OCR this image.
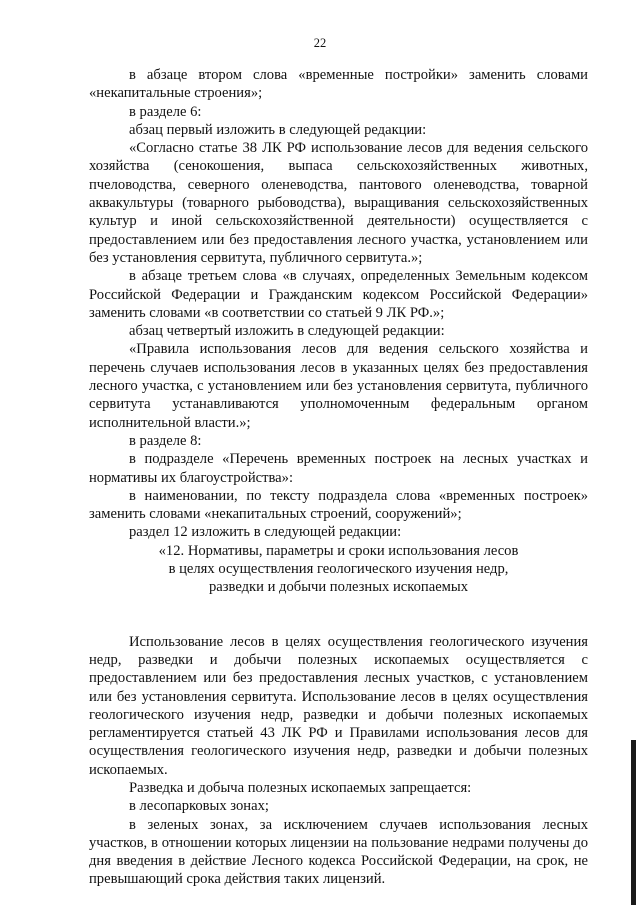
22

в абзаце втором слова «временные постройки» заменить словами «некапитальные строения»;

в разделе 6:

абзац первый изложить в следующей редакции:

«Согласно статье 38 ЛК РФ использование лесов для ведения сельского хозяйства (сенокошения, выпаса сельскохозяйственных животных, пчеловодства, северного оленеводства, пантового оленеводства, товарной аквакультуры (товарного рыбоводства), выращивания сельскохозяйственных культур и иной сельскохозяйственной деятельности) осуществляется с предоставлением или без предоставления лесного участка, установлением или без установления сервитута, публичного сервитута.»;

в абзаце третьем слова «в случаях, определенных Земельным кодексом Российской Федерации и Гражданским кодексом Российской Федерации» заменить словами «в соответствии со статьей 9 ЛК РФ.»;

абзац четвертый изложить в следующей редакции:

«Правила использования лесов для ведения сельского хозяйства и перечень случаев использования лесов в указанных целях без предоставления лесного участка, с установлением или без установления сервитута, публичного сервитута устанавливаются уполномоченным федеральным органом исполнительной власти.»;

в разделе 8:

в подразделе «Перечень временных построек на лесных участках и нормативы их благоустройства»:

в наименовании, по тексту подраздела слова «временных построек» заменить словами «некапитальных строений, сооружений»;

раздел 12 изложить в следующей редакции:

«12. Нормативы, параметры и сроки использования лесов

в целях осуществления геологического изучения недр,

разведки и добычи полезных ископаемых

Использование лесов в целях осуществления геологического изучения недр, разведки и добычи полезных ископаемых осуществляется с предоставлением или без предоставления лесных участков, с установлением или без установления сервитута. Использование лесов в целях осуществления геологического изучения недр, разведки и добычи полезных ископаемых регламентируется статьей 43 ЛК РФ и Правилами использования лесов для осуществления геологического изучения недр, разведки и добычи полезных ископаемых.

Разведка и добыча полезных ископаемых запрещается:

в лесопарковых зонах;

в зеленых зонах, за исключением случаев использования лесных участков, в отношении которых лицензии на пользование недрами получены до дня введения в действие Лесного кодекса Российской Федерации, на срок, не превышающий срока действия таких лицензий.
